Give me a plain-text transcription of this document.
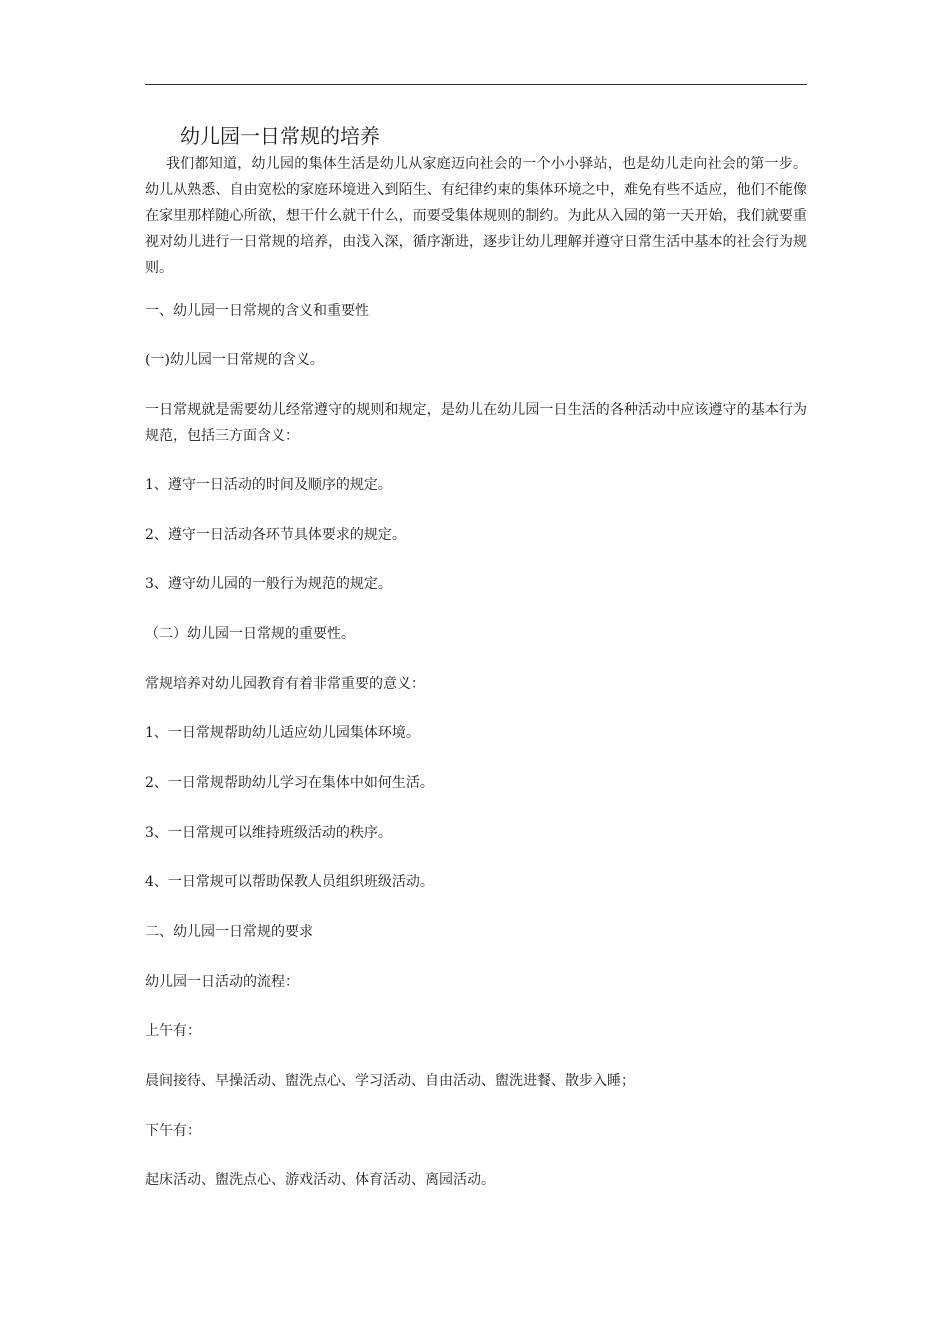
幼儿园一日常规的培养

我们都知道，幼儿园的集体生活是幼儿从家庭迈向社会的一个小小驿站，也是幼儿走向社会的第一步。幼儿从熟悉、自由宽松的家庭环境进入到陌生、有纪律约束的集体环境之中，难免有些不适应，他们不能像在家里那样随心所欲，想干什么就干什么，而要受集体规则的制约。为此从入园的第一天开始，我们就要重视对幼儿进行一日常规的培养，由浅入深，循序渐进，逐步让幼儿理解并遵守日常生活中基本的社会行为规则。

一、幼儿园一日常规的含义和重要性

(一)幼儿园一日常规的含义。

一日常规就是需要幼儿经常遵守的规则和规定，是幼儿在幼儿园一日生活的各种活动中应该遵守的基本行为规范，包括三方面含义：

1、遵守一日活动的时间及顺序的规定。

2、遵守一日活动各环节具体要求的规定。

3、遵守幼儿园的一般行为规范的规定。

（二）幼儿园一日常规的重要性。

常规培养对幼儿园教育有着非常重要的意义：

1、一日常规帮助幼儿适应幼儿园集体环境。

2、一日常规帮助幼儿学习在集体中如何生活。

3、一日常规可以维持班级活动的秩序。

4、一日常规可以帮助保教人员组织班级活动。

二、幼儿园一日常规的要求

幼儿园一日活动的流程：

上午有：

晨间接待、早操活动、盥洗点心、学习活动、自由活动、盥洗进餐、散步入睡；

下午有：

起床活动、盥洗点心、游戏活动、体育活动、离园活动。
